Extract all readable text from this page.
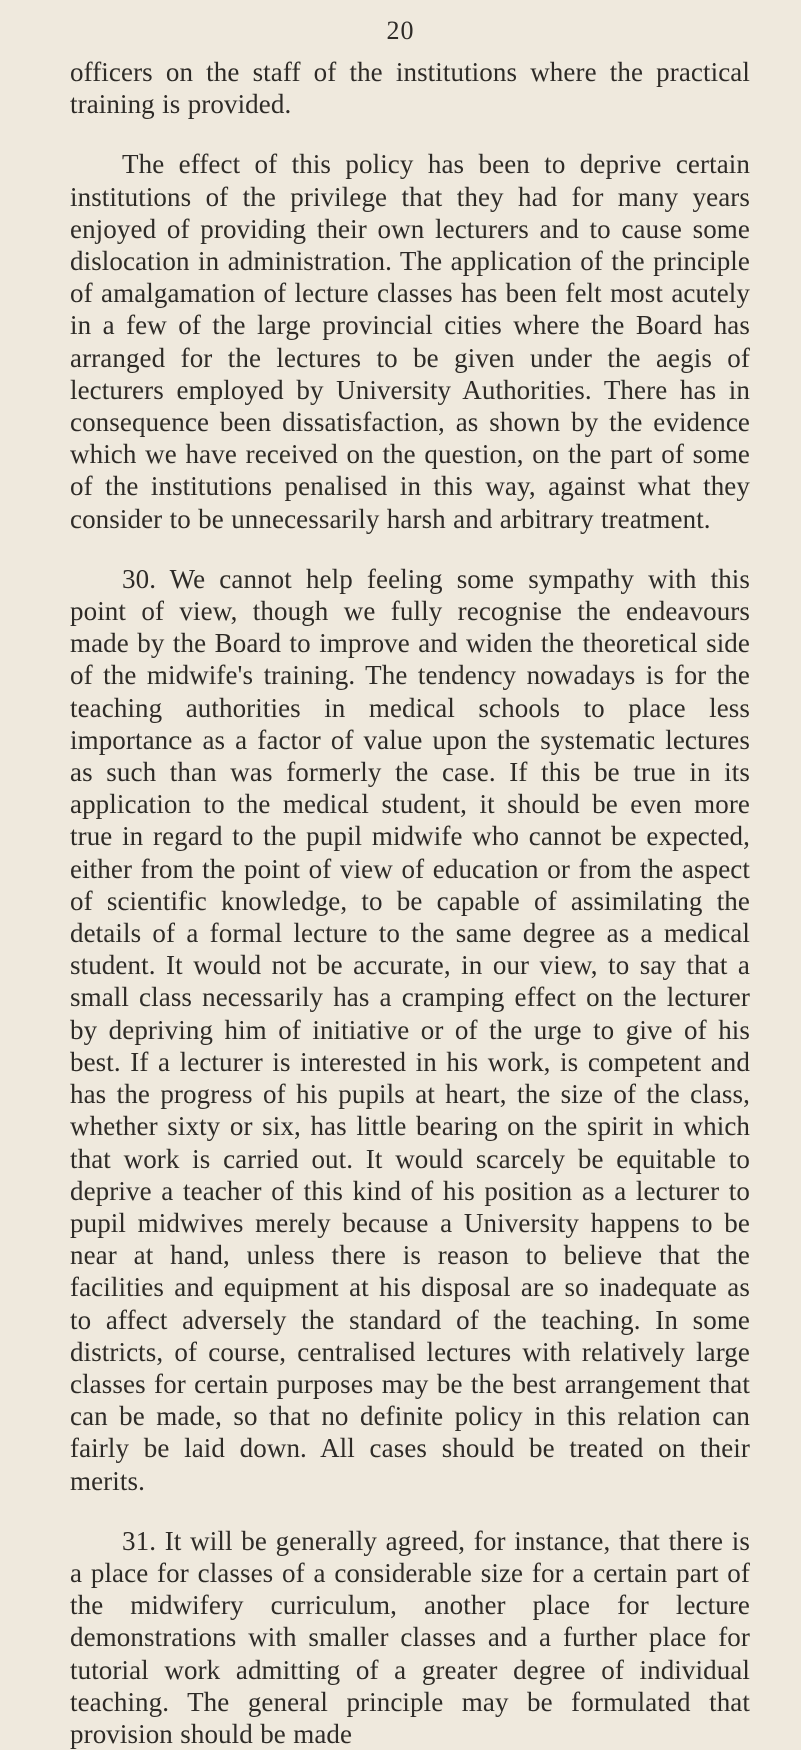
20

officers on the staff of the institutions where the practical training is provided.

The effect of this policy has been to deprive certain institutions of the privilege that they had for many years enjoyed of providing their own lecturers and to cause some dislocation in administration. The application of the principle of amalgamation of lecture classes has been felt most acutely in a few of the large provincial cities where the Board has arranged for the lectures to be given under the aegis of lecturers employed by University Authorities. There has in consequence been dissatisfaction, as shown by the evidence which we have received on the question, on the part of some of the institutions penalised in this way, against what they consider to be unnecessarily harsh and arbitrary treatment.

30. We cannot help feeling some sympathy with this point of view, though we fully recognise the endeavours made by the Board to improve and widen the theoretical side of the midwife's training. The tendency nowadays is for the teaching authorities in medical schools to place less importance as a factor of value upon the systematic lectures as such than was formerly the case. If this be true in its application to the medical student, it should be even more true in regard to the pupil midwife who cannot be expected, either from the point of view of education or from the aspect of scientific knowledge, to be capable of assimilating the details of a formal lecture to the same degree as a medical student. It would not be accurate, in our view, to say that a small class necessarily has a cramping effect on the lecturer by depriving him of initiative or of the urge to give of his best. If a lecturer is interested in his work, is competent and has the progress of his pupils at heart, the size of the class, whether sixty or six, has little bearing on the spirit in which that work is carried out. It would scarcely be equitable to deprive a teacher of this kind of his position as a lecturer to pupil midwives merely because a University happens to be near at hand, unless there is reason to believe that the facilities and equipment at his disposal are so inadequate as to affect adversely the standard of the teaching. In some districts, of course, centralised lectures with relatively large classes for certain purposes may be the best arrangement that can be made, so that no definite policy in this relation can fairly be laid down. All cases should be treated on their merits.

31. It will be generally agreed, for instance, that there is a place for classes of a considerable size for a certain part of the midwifery curriculum, another place for lecture demonstrations with smaller classes and a further place for tutorial work admitting of a greater degree of individual teaching. The general principle may be formulated that provision should be made
